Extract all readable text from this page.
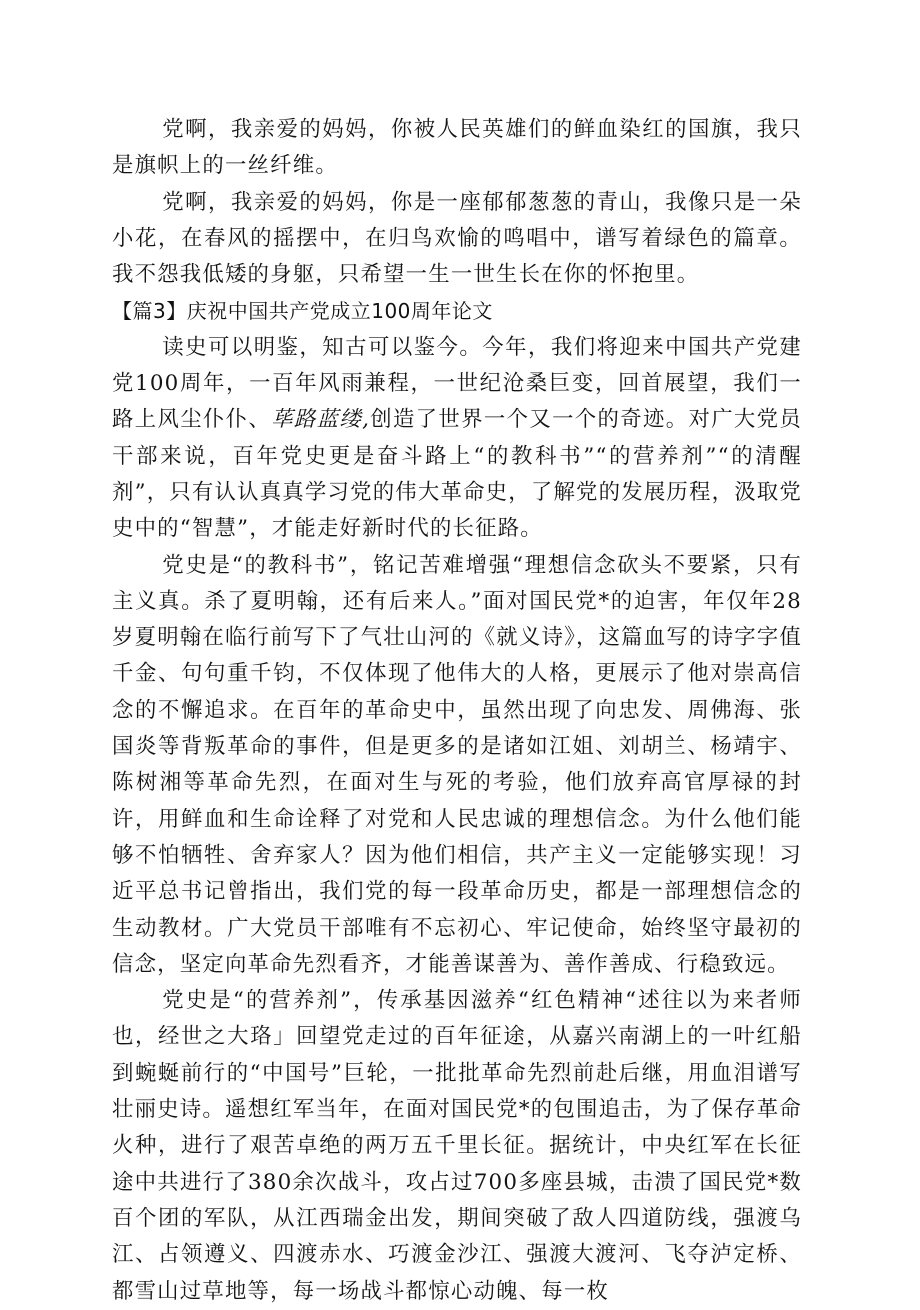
党啊，我亲爱的妈妈，你被人民英雄们的鲜血染红的国旗，我只是旗帜上的一丝纤维。

党啊，我亲爱的妈妈，你是一座郁郁葱葱的青山，我像只是一朵小花，在春风的摇摆中，在归鸟欢愉的鸣唱中，谱写着绿色的篇章。我不怨我低矮的身躯，只希望一生一世生长在你的怀抱里。

【篇3】庆祝中国共产党成立100周年论文

读史可以明鉴，知古可以鉴今。今年，我们将迎来中国共产党建党100周年，一百年风雨兼程，一世纪沧桑巨变，回首展望，我们一路上风尘仆仆、荜路蓝缕,创造了世界一个又一个的奇迹。对广大党员干部来说，百年党史更是奋斗路上“的教科书”“的营养剂”“的清醒剂”，只有认认真真学习党的伟大革命史，了解党的发展历程，汲取党史中的“智慧”，才能走好新时代的长征路。

党史是“的教科书”，铭记苦难增强“理想信念砍头不要紧，只有主义真。杀了夏明翰，还有后来人。”面对国民党*的迫害，年仅年28岁夏明翰在临行前写下了气壮山河的《就义诗》，这篇血写的诗字字值千金、句句重千钧，不仅体现了他伟大的人格，更展示了他对崇高信念的不懈追求。在百年的革命史中，虽然出现了向忠发、周佛海、张国炎等背叛革命的事件，但是更多的是诸如江姐、刘胡兰、杨靖宇、陈树湘等革命先烈，在面对生与死的考验，他们放弃高官厚禄的封许，用鲜血和生命诠释了对党和人民忠诚的理想信念。为什么他们能够不怕牺牲、舍弃家人？因为他们相信，共产主义一定能够实现！习近平总书记曾指出，我们党的每一段革命历史，都是一部理想信念的生动教材。广大党员干部唯有不忘初心、牢记使命，始终坚守最初的信念，坚定向革命先烈看齐，才能善谋善为、善作善成、行稳致远。

党史是“的营养剂”，传承基因滋养“红色精神“述往以为来者师也，经世之大珞」回望党走过的百年征途，从嘉兴南湖上的一叶红船到蜿蜒前行的“中国号”巨轮，一批批革命先烈前赴后继，用血泪谱写壮丽史诗。遥想红军当年，在面对国民党*的包围追击，为了保存革命火种，进行了艰苦卓绝的两万五千里长征。据统计，中央红军在长征途中共进行了380余次战斗，攻占过700多座县城，击溃了国民党*数百个团的军队，从江西瑞金出发，期间突破了敌人四道防线，强渡乌江、占领遵义、四渡赤水、巧渡金沙江、强渡大渡河、飞夺泸定桥、都雪山过草地等，每一场战斗都惊心动魄、每一枚
